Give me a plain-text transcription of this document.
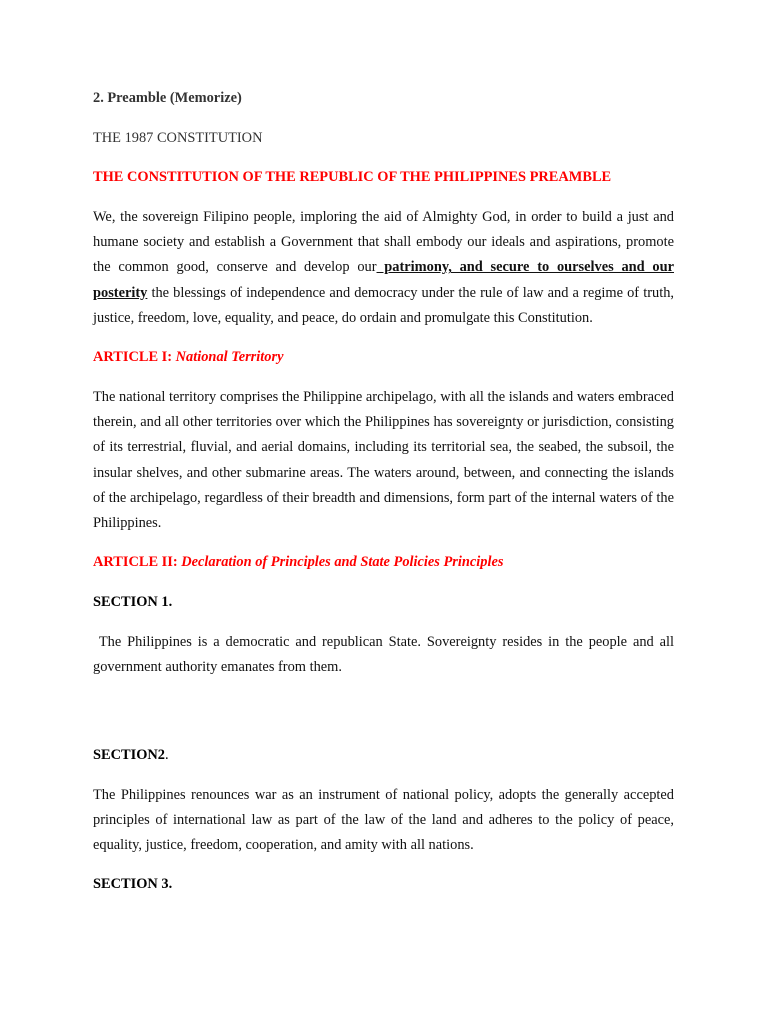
2. Preamble (Memorize)

THE 1987 CONSTITUTION

THE CONSTITUTION OF THE REPUBLIC OF THE PHILIPPINES PREAMBLE

We, the sovereign Filipino people, imploring the aid of Almighty God, in order to build a just and humane society and establish a Government that shall embody our ideals and aspirations, promote the common good, conserve and develop our patrimony, and secure to ourselves and our posterity the blessings of independence and democracy under the rule of law and a regime of truth, justice, freedom, love, equality, and peace, do ordain and promulgate this Constitution.

ARTICLE I: National Territory

The national territory comprises the Philippine archipelago, with all the islands and waters embraced therein, and all other territories over which the Philippines has sovereignty or jurisdiction, consisting of its terrestrial, fluvial, and aerial domains, including its territorial sea, the seabed, the subsoil, the insular shelves, and other submarine areas. The waters around, between, and connecting the islands of the archipelago, regardless of their breadth and dimensions, form part of the internal waters of the Philippines.

ARTICLE II: Declaration of Principles and State Policies Principles

SECTION 1.

The Philippines is a democratic and republican State. Sovereignty resides in the people and all government authority emanates from them.

SECTION2.

The Philippines renounces war as an instrument of national policy, adopts the generally accepted principles of international law as part of the law of the land and adheres to the policy of peace, equality, justice, freedom, cooperation, and amity with all nations.

SECTION 3.
